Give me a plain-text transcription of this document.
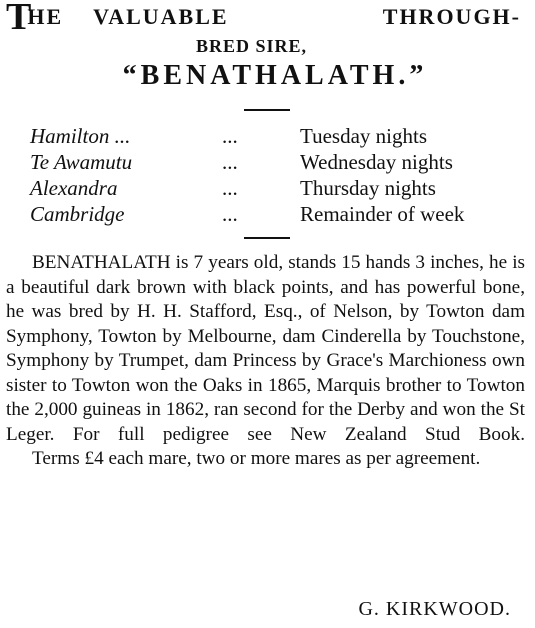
T
HE VALUABLE	THROUGH-
BRED SIRE,
“BENATHALATH.”
Hamilton ...	...	Tuesday nights
Te Awamutu	...	Wednesday nights
Alexandra	...	Thursday nights
Cambridge	...	Remainder of week

BENATHALATH is 7 years old, stands 15 hands 3 inches, he is a beautiful dark brown with black points, and has powerful bone, he was bred by H. H. Stafford, Esq., of Nelson, by Towton dam Symphony, Towton by Melbourne, dam Cinderella by Touchstone, Symphony by Trumpet, dam Princess by Grace's Marchioness own sister to Towton won the Oaks in 1865, Marquis brother to Towton the 2,000 guineas in 1862, ran second for the Derby and won the St Leger. For full pedigree see New Zealand Stud Book.

Terms £4 each mare, two or more mares as per agreement.

G. KIRKWOOD.
